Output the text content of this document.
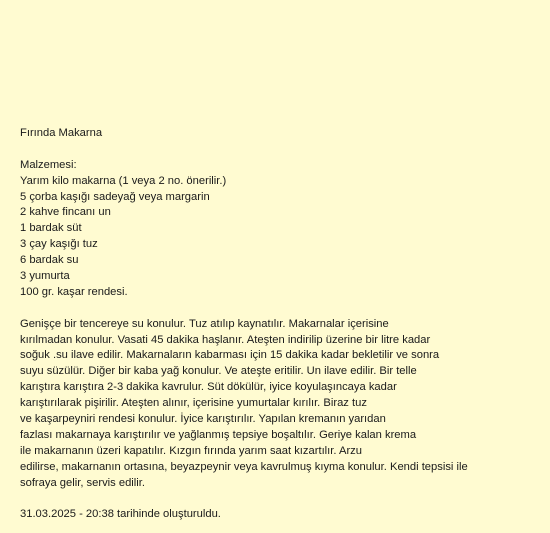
Fırında Makarna

Malzemesi:

Yarım kilo makarna (1 veya 2 no. önerilir.)

5 çorba kaşığı sadeyağ veya margarin

2 kahve fincanı un

1 bardak süt

3 çay kaşığı tuz

6 bardak su

3 yumurta

100 gr. kaşar rendesi.

Genişçe bir tencereye su konulur. Tuz atılıp kaynatılır. Makarnalar içerisine

kırılmadan konulur. Vasati 45 dakika haşlanır. Ateşten indirilip üzerine bir litre kadar

soğuk .su ilave edilir. Makarnaların kabarması için 15 dakika kadar bekletilir ve sonra

suyu süzülür. Diğer bir kaba yağ konulur. Ve ateşte eritilir. Un ilave edilir. Bir telle

karıştıra karıştıra 2-3 dakika kavrulur. Süt dökülür, iyice koyulaşıncaya kadar

karıştırılarak pişirilir. Ateşten alınır, içerisine yumurtalar kırılır. Biraz tuz

ve kaşarpeyniri rendesi konulur. İyice karıştırılır. Yapılan kremanın yarıdan

fazlası makarnaya karıştırılır ve yağlanmış tepsiye boşaltılır. Geriye kalan krema

ile makarnanın üzeri kapatılır. Kızgın fırında yarım saat kızartılır. Arzu

edilirse, makarnanın ortasına, beyazpeynir veya kavrulmuş kıyma konulur. Kendi tepsisi ile

sofraya gelir, servis edilir.

31.03.2025 - 20:38 tarihinde oluşturuldu.
